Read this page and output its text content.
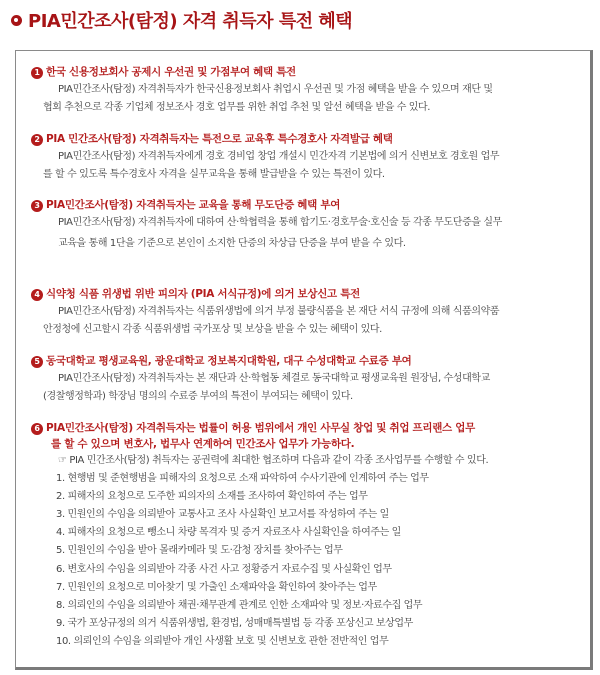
PIA민간조사(탐정) 자격 취득자 특전 혜택
1 한국 신용정보회사 공제시 우선권 및 가점부여 혜택 특전
PIA민간조사(탐정) 자격취득자가 한국신용정보회사 취업시 우선권 및 가점 혜택을 받을 수 있으며 재단 및
협회 추천으로 각종 기업체 정보조사 경호 업무를 위한 취업 추천 및 알선 혜택을 받을 수 있다.
2 PIA 민간조사(탐정) 자격취득자는 특전으로 교육후 특수경호사 자격발급 혜택
PIA민간조사(탐정) 자격취득자에게 경호 경비업 창업 개설시 민간자격 기본법에 의거 신변보호 경호원 업무
를 할 수 있도록 특수경호사 자격을 실무교육을 통해 발급받을 수 있는 특전이 있다.
3 PIA민간조사(탐정) 자격취득자는 교육을 통해 무도단증 혜택 부여
PIA민간조사(탐정) 자격취득자에 대하여 산·학협력을 통해 합기도·경호무술·호신술 등 각종 무도단증을 실무
교육을 통해 1단을 기준으로 본인이 소지한 단증의 차상급 단증을 부여 받을 수 있다.
4 식약청 식품 위생법 위반 피의자 (PIA 서식규정)에 의거 보상신고 특전
PIA민간조사(탐정) 자격취득자는 식품위생법에 의거 부정 불량식품을 본 재단 서식 규정에 의해 식품의약품
안정청에 신고할시 각종 식품위생법 국가포상 및 보상을 받을 수 있는 혜택이 있다.
5 동국대학교 평생교육원, 광운대학교 정보복지대학원, 대구 수성대학교 수료증 부여
PIA민간조사(탐정) 자격취득자는 본 재단과 산·학협동 체결로 동국대학교 평생교육원 원장님, 수성대학교
(경찰행정학과) 학장님 명의의 수료증 부여의 특전이 부여되는 혜택이 있다.
6 PIA민간조사(탐정) 자격취득자는 법률이 허용 범위에서 개인 사무실 창업 및 취업 프리랜스 업무
를 할 수 있으며 변호사, 법무사 연계하여 민간조사 업무가 가능하다.
☞ PIA 민간조사(탐정) 취득자는 공권력에 최대한 협조하며 다음과 같이 각종 조사업무를 수행할 수 있다.
1. 현행범 및 준현행범을 피해자의 요청으로 소재 파악하여 수사기관에 인계하여 주는 업무
2. 피해자의 요청으로 도주한 피의자의 소재를 조사하여 확인하여 주는 업무
3. 민원인의 수임을 의뢰받아 교통사고 조사 사실확인 보고서를 작성하여 주는 일
4. 피해자의 요청으로 뺑소니 차량 목격자 및 증거 자료조사 사실확인을 하여주는 일
5. 민원인의 수임을 받아 몰래카메라 및 도·감청 장치를 찾아주는 업무
6. 변호사의 수임을 의뢰받아 각종 사건 사고 정황증거 자료수집 및 사실확인 업무
7. 민원인의 요청으로 미아찾기 및 가출인 소재파악을 확인하여 찾아주는 업무
8. 의뢰인의 수임을 의뢰받아 채권·채무관계 관계로 인한 소재파악 및 정보·자료수집 업무
9. 국가 포상규정의 의거 식품위생법, 환경법, 성매매특별법 등 각종 포상신고 보상업무
10. 의뢰인의 수임을 의뢰받아 개인 사생활 보호 및 신변보호 관한 전반적인 업무
